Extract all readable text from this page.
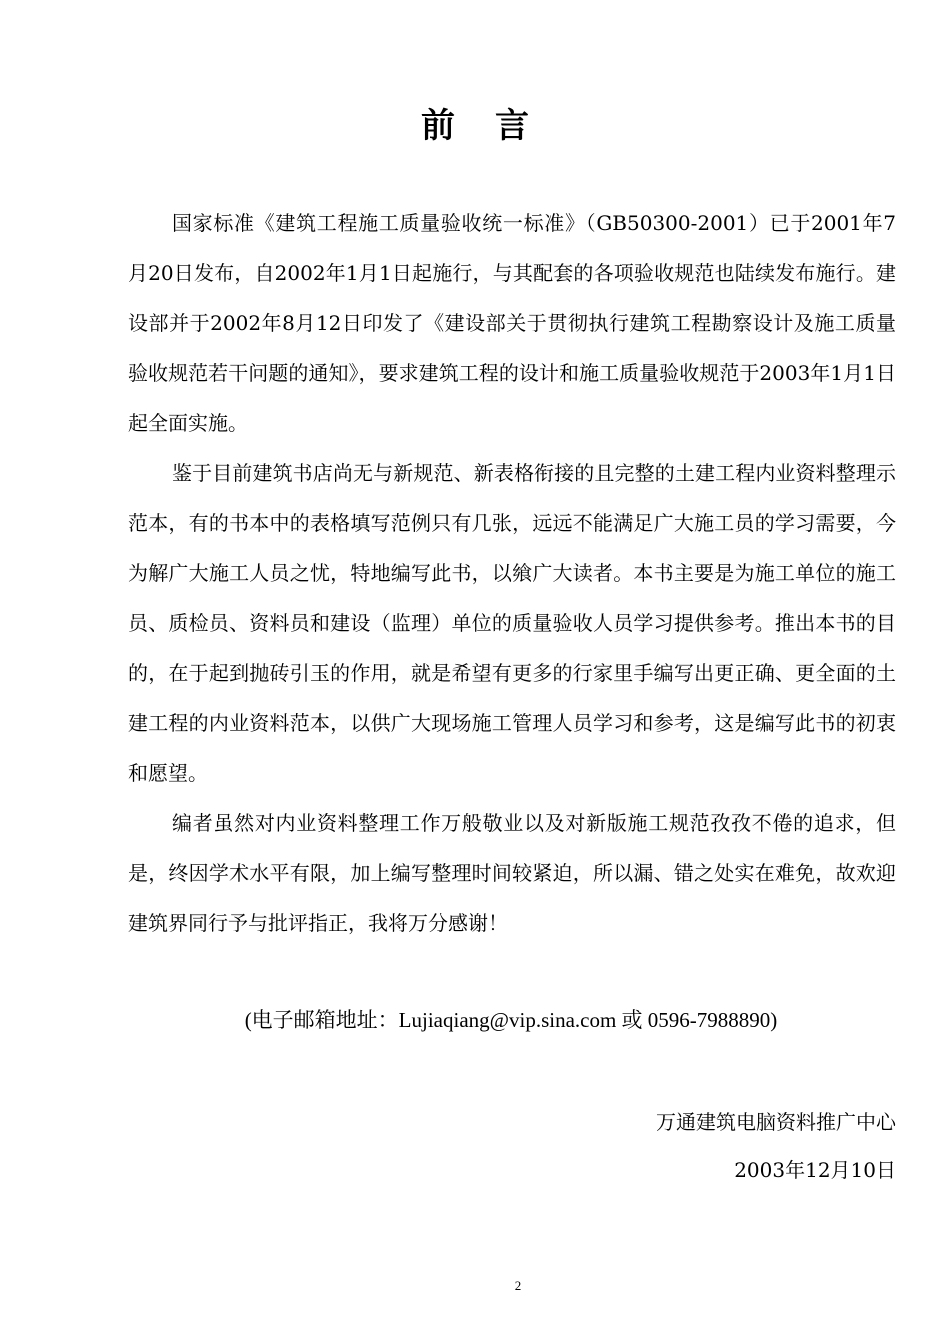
前言

国家标准《建筑工程施工质量验收统一标准》（GB50300-2001）已于2001年7月20日发布，自2002年1月1日起施行，与其配套的各项验收规范也陆续发布施行。建设部并于2002年8月12日印发了《建设部关于贯彻执行建筑工程勘察设计及施工质量验收规范若干问题的通知》，要求建筑工程的设计和施工质量验收规范于2003年1月1日起全面实施。

鉴于目前建筑书店尚无与新规范、新表格衔接的且完整的土建工程内业资料整理示范本，有的书本中的表格填写范例只有几张，远远不能满足广大施工员的学习需要，今为解广大施工人员之忧，特地编写此书，以飨广大读者。本书主要是为施工单位的施工员、质检员、资料员和建设（监理）单位的质量验收人员学习提供参考。推出本书的目的，在于起到抛砖引玉的作用，就是希望有更多的行家里手编写出更正确、更全面的土建工程的内业资料范本，以供广大现场施工管理人员学习和参考，这是编写此书的初衷和愿望。

编者虽然对内业资料整理工作万般敬业以及对新版施工规范孜孜不倦的追求，但是，终因学术水平有限，加上编写整理时间较紧迫，所以漏、错之处实在难免，故欢迎建筑界同行予与批评指正，我将万分感谢！

(电子邮箱地址：Lujiaqiang@vip.sina.com 或 0596-7988890)
万通建筑电脑资料推广中心
2003年12月10日
2
